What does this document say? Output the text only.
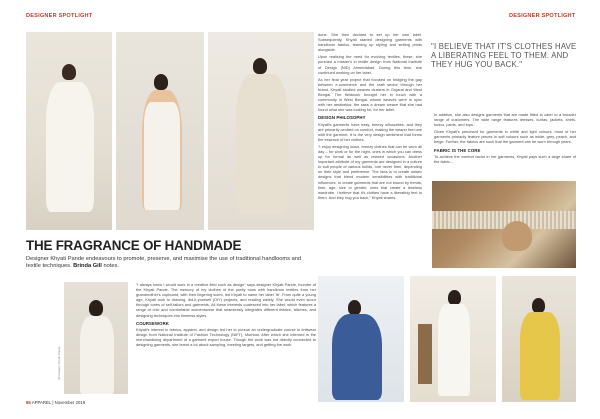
DESIGNER SPOTLIGHT	DESIGNER SPOTLIGHT
THE FRAGRANCE OF HANDMADE
Designer Khyati Pande endeavours to promote, preserve, and maximise the use of traditional handlooms and textile techniques. Brinda Gill notes.
All Images: Khyati Pande

"I always knew I would work in a creative field such as design" says designer Khyati Pande, founder of the Khyati Pande. The memory of my clothes of the pretty rows with handloom textiles from her grandmother's cupboard, with their lingering scent, led Khyati to name her label 'Itr'. From quite a young age, Khyati took to drawing, did-it-yourself (DIY) projects, and reading widely. She would even scour through tunes of self-tailors and garments. All these interests coalesced into her label, which features a range of chic and comfortable womenswear that seamlessly integrates different fabrics, stitches, and designing techniques into timeless styles.

COURSEWORK

Khyati's interest in fabrics, apparel, and design led her to pursue an undergraduate course in knitwear design from National Institute of Fashion Technology (NIFT), Mumbai. After which she interned in the merchandising department of a garment export house. Though the work was not directly connected to designing garments, she learnt a lot about sampling, meeting targets, and getting the work

done. She then decided to set up her own label. Subsequently, Khyati started designing garments with handloom fabrics, teaming up styling and setting prints alongside.

Upon realising the need for evolving textiles, these, she pursued a master's in textile design from National Institute of Design (NID) Ahmedabad. During this time, she continued working on her label.

As her final year project that focused on bridging the gap between e-commerce and the craft sector through her brand, Khyati studied weaves clusters in Gujarat and West Bengal. The fieldwork brought her in touch with a community in West Bengal, whose weaves were in sync with her aesthetics: the sass a dream weave that she had found what she was looking for, for her label.

DESIGN PHILOSOPHY

Khyati's garments have easy, breezy silhouettes, and they are primarily centred on comfort, making the wearer feel one with the garment. It is the very design sentiment that forms the essence of her clothes.

"I enjoy designing loose, breezy clothes that can be worn all day – for work or for the night, ones in which you can dress up for formal as well as relaxed occasions. Another important attribute of my garments are designed in a culture to suit people of various builds, one never then, depending on their style and preference. The idea is to create unisex designs that blend modern sensibilities with traditional influences, to create garments that are not bound by trends, time, age, size or gender, ones that create a timeless wardrobe. I believe that it's clothes have a liberating feel to them. And they hug you back," Khyati shares.

"I BELIEVE THAT IT'S CLOTHES HAVE A LIBERATING FEEL TO THEM. AND THEY HUG YOU BACK."

In addition, she also designs garments that are made fitted to cater to a broader range of customers. The wide range features dresses, kurtas, jackets, shirts, tunics, pants, and tops.

Given Khyati's penchant for garments in white and light colours, most of her garments primarily feature pieces in soft colours such as white, grey, peach, and beige. Further, the fabrics are such that the garment can be worn through years.

FABRIC IS THE CORE

To achieve the comfort factor in her garments, Khyati pays such a large share of the fabric...

86 APPAREL | November 2019
